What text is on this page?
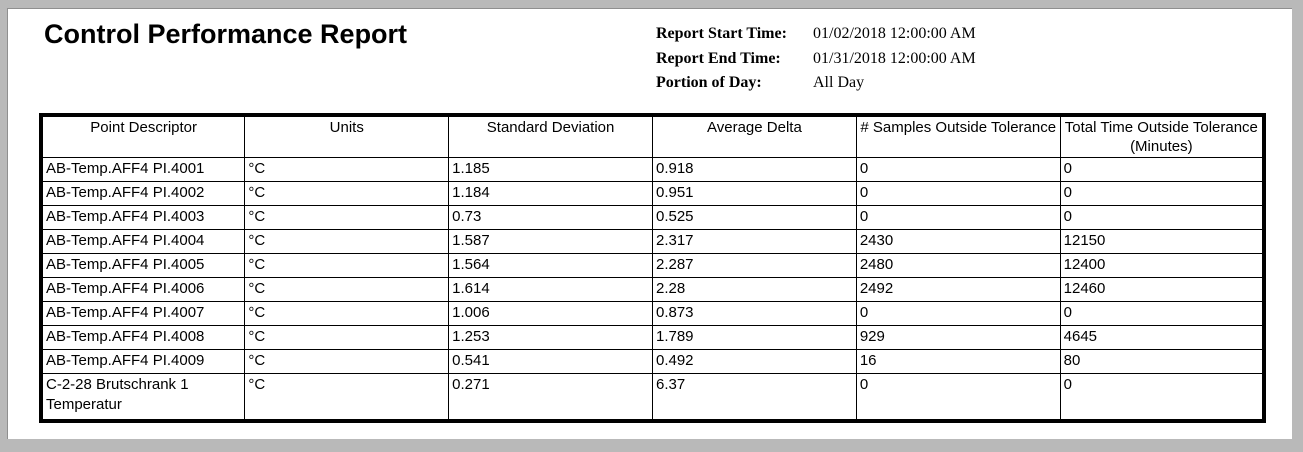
Control Performance Report	Report Start Time:	01/02/2018 12:00:00 AM
Report End Time:	01/31/2018 12:00:00 AM
Portion of Day:	All Day
Point Descriptor	Units	Standard Deviation	Average Delta	# Samples Outside Tolerance	Total Time Outside Tolerance (Minutes)
AB-Temp.AFF4 PI.4001	°C	1.185	0.918	0	0
AB-Temp.AFF4 PI.4002	°C	1.184	0.951	0	0
AB-Temp.AFF4 PI.4003	°C	0.73	0.525	0	0
AB-Temp.AFF4 PI.4004	°C	1.587	2.317	2430	12150
AB-Temp.AFF4 PI.4005	°C	1.564	2.287	2480	12400
AB-Temp.AFF4 PI.4006	°C	1.614	2.28	2492	12460
AB-Temp.AFF4 PI.4007	°C	1.006	0.873	0	0
AB-Temp.AFF4 PI.4008	°C	1.253	1.789	929	4645
AB-Temp.AFF4 PI.4009	°C	0.541	0.492	16	80
C-2-28 Brutschrank 1 Temperatur	°C	0.271	6.37	0	0
